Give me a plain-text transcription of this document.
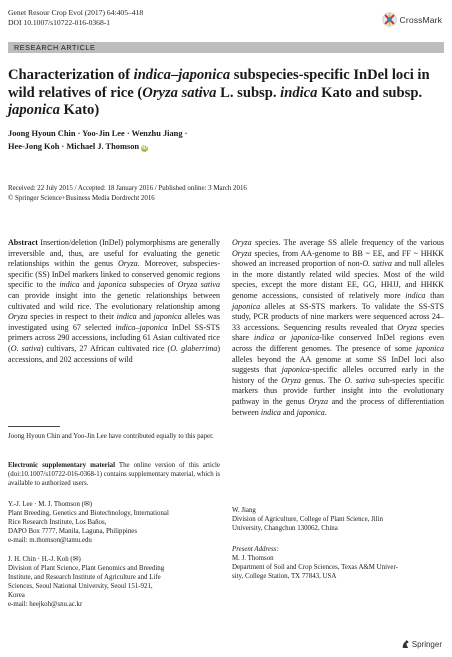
Genet Resour Crop Evol (2017) 64:405–418
DOI 10.1007/s10722-016-0368-1	CrossMark
RESEARCH ARTICLE
Characterization of indica–japonica subspecies-specific InDel loci in wild relatives of rice (Oryza sativa L. subsp. indica Kato and subsp. japonica Kato)
Joong Hyoun Chin · Yoo-Jin Lee · Wenzhu Jiang ·
Hee-Jong Koh · Michael J. Thomson iD
Received: 22 July 2015 / Accepted: 18 January 2016 / Published online: 3 March 2016
© Springer Science+Business Media Dordrecht 2016

Abstract Insertion/deletion (InDel) polymorphisms are generally irreversible and, thus, are useful for evaluating the genetic relationships within the genus Oryza. Moreover, subspecies-specific (SS) InDel markers linked to conserved genomic regions specific to the indica and japonica subspecies of Oryza sativa can provide insight into the genetic relationships between cultivated and wild rice. The evolutionary relationship among Oryza species in respect to their indica and japonica alleles was investigated using 67 selected indica–japonica InDel SS-STS primers across 290 accessions, including 61 Asian cultivated rice (O. sativa) cultivars, 27 African cultivated rice (O. glaberrima) accessions, and 202 accessions of wild

Oryza species. The average SS allele frequency of the various Oryza species, from AA-genome to BB ~ EE, and FF ~ HHKK showed an increased proportion of non-O. sativa and null alleles in the more distantly related wild species. Most of the wild species, except the more distant EE, GG, HHJJ, and HHKK genome accessions, consisted of relatively more indica than japonica alleles at SS-STS markers. To validate the SS-STS study, PCR products of nine markers were sequenced across 24–33 accessions. Sequencing results revealed that Oryza species share indica or japonica-like conserved InDel regions even across the different genomes. The presence of some japonica alleles beyond the AA genome at some SS InDel loci also suggests that japonica-specific alleles occurred early in the history of the Oryza genus. The O. sativa sub-species specific markers thus provide further insight into the evolutionary pathway in the genus Oryza and the process of differentiation between indica and japonica.

Joong Hyoun Chin and Yoo-Jin Lee have contributed equally to this paper.

Electronic supplementary material The online version of this article (doi:10.1007/s10722-016-0368-1) contains supplementary material, which is available to authorized users.

Y.-J. Lee · M. J. Thomson (✉)

Plant Breeding, Genetics and Biotechnology, International

Rice Research Institute, Los Baños,

DAPO Box 7777, Manila, Laguna, Philippines

e-mail: m.thomson@tamu.edu

J. H. Chin · H.-J. Koh (✉)

Division of Plant Science, Plant Genomics and Breeding

Institute, and Research Institute of Agriculture and Life

Sciences, Seoul National University, Seoul 151-921,

Korea

e-mail: heejkoh@snu.ac.kr

W. Jiang

Division of Agriculture, College of Plant Science, Jilin

University, Changchun 130062, China

Present Address:

M. J. Thomson

Department of Soil and Crop Sciences, Texas A&M Univer-

sity, College Station, TX 77843, USA

Springer
